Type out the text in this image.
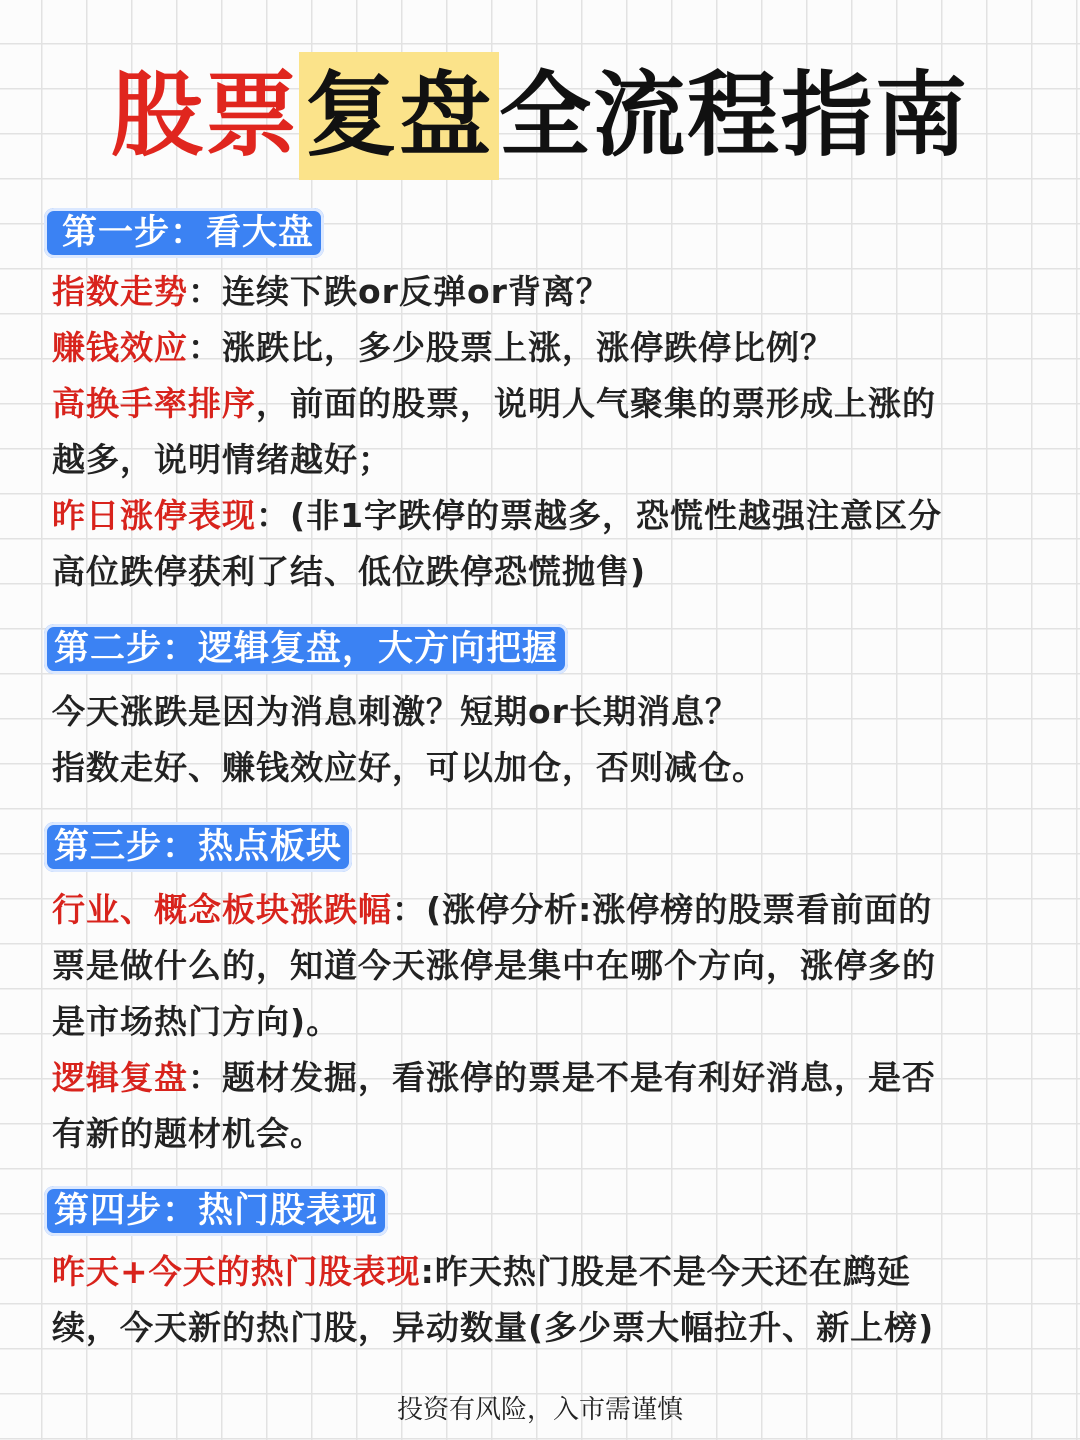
股票复盘全流程指南
第一步：看大盘
指数走势：连续下跌or反弹or背离？
赚钱效应：涨跌比，多少股票上涨，涨停跌停比例？
高换手率排序，前面的股票，说明人气聚集的票形成上涨的
越多，说明情绪越好；
昨日涨停表现：(非1字跌停的票越多，恐慌性越强注意区分
高位跌停获利了结、低位跌停恐慌抛售)
第二步：逻辑复盘，大方向把握
今天涨跌是因为消息刺激？短期or长期消息？
指数走好、赚钱效应好，可以加仓，否则减仓。
第三步：热点板块
行业、概念板块涨跌幅：(涨停分析:涨停榜的股票看前面的
票是做什么的，知道今天涨停是集中在哪个方向，涨停多的
是市场热门方向)。
逻辑复盘：题材发掘，看涨停的票是不是有利好消息，是否
有新的题材机会。
第四步：热门股表现
昨天+今天的热门股表现:昨天热门股是不是今天还在鹧延
续，今天新的热门股，异动数量(多少票大幅拉升、新上榜)
投资有风险，入市需谨慎
